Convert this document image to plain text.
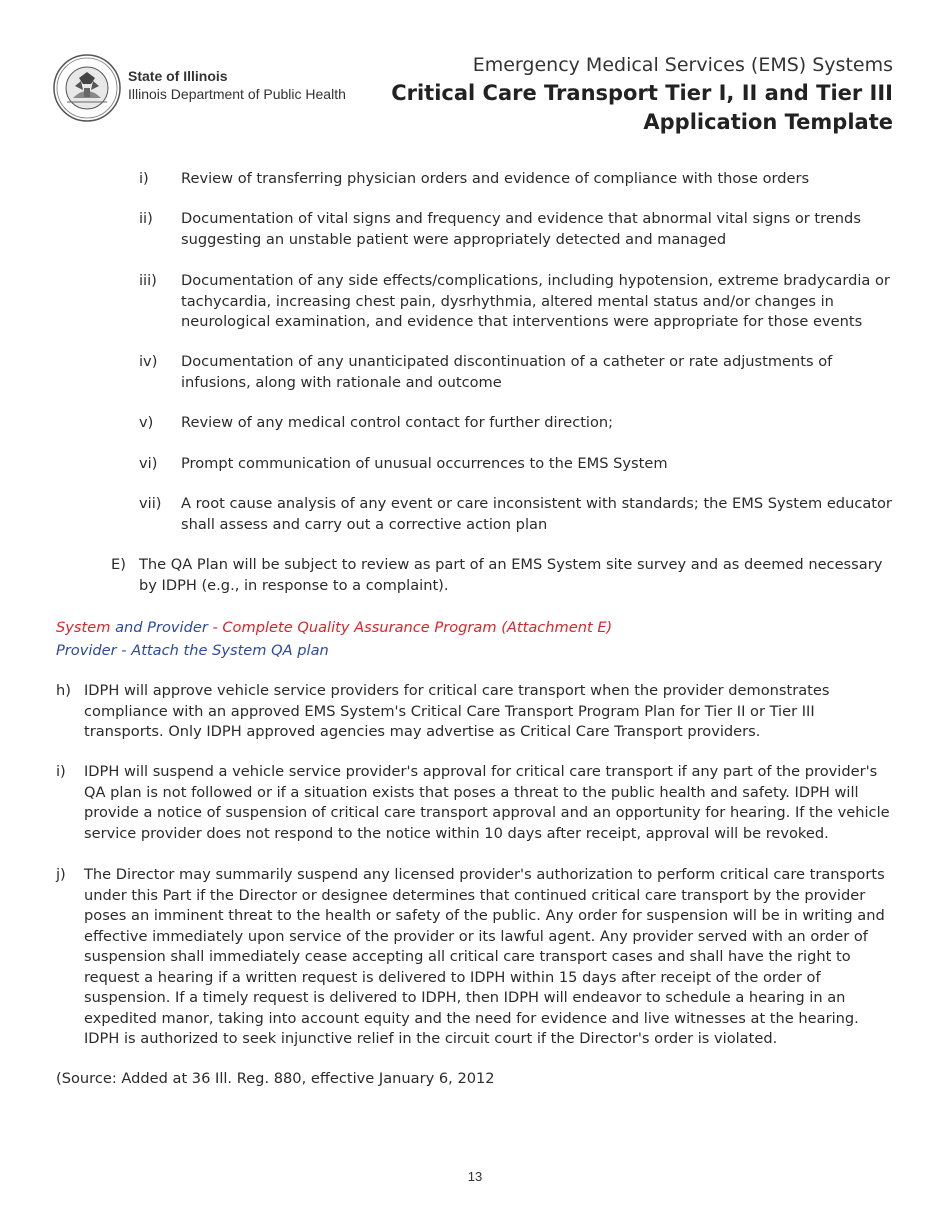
State of Illinois
Illinois Department of Public Health
Emergency Medical Services (EMS) Systems
Critical Care Transport Tier I, II and Tier III
Application Template
i) Review of transferring physician orders and evidence of compliance with those orders
ii) Documentation of vital signs and frequency and evidence that abnormal vital signs or trends suggesting an unstable patient were appropriately detected and managed
iii) Documentation of any side effects/complications, including hypotension, extreme bradycardia or tachycardia, increasing chest pain, dysrhythmia, altered mental status and/or changes in neurological examination, and evidence that interventions were appropriate for those events
iv) Documentation of any unanticipated discontinuation of a catheter or rate adjustments of infusions, along with rationale and outcome
v) Review of any medical control contact for further direction;
vi) Prompt communication of unusual occurrences to the EMS System
vii) A root cause analysis of any event or care inconsistent with standards; the EMS System educator shall assess and carry out a corrective action plan
E) The QA Plan will be subject to review as part of an EMS System site survey and as deemed necessary by IDPH (e.g., in response to a complaint).
System and Provider - Complete Quality Assurance Program (Attachment E)
Provider - Attach the System QA plan
h) IDPH will approve vehicle service providers for critical care transport when the provider demonstrates compliance with an approved EMS System's Critical Care Transport Program Plan for Tier II or Tier III transports. Only IDPH approved agencies may advertise as Critical Care Transport providers.
i) IDPH will suspend a vehicle service provider's approval for critical care transport if any part of the provider's QA plan is not followed or if a situation exists that poses a threat to the public health and safety. IDPH will provide a notice of suspension of critical care transport approval and an opportunity for hearing. If the vehicle service provider does not respond to the notice within 10 days after receipt, approval will be revoked.
j) The Director may summarily suspend any licensed provider's authorization to perform critical care transports under this Part if the Director or designee determines that continued critical care transport by the provider poses an imminent threat to the health or safety of the public. Any order for suspension will be in writing and effective immediately upon service of the provider or its lawful agent. Any provider served with an order of suspension shall immediately cease accepting all critical care transport cases and shall have the right to request a hearing if a written request is delivered to IDPH within 15 days after receipt of the order of suspension. If a timely request is delivered to IDPH, then IDPH will endeavor to schedule a hearing in an expedited manor, taking into account equity and the need for evidence and live witnesses at the hearing. IDPH is authorized to seek injunctive relief in the circuit court if the Director's order is violated.
(Source: Added at 36 Ill. Reg. 880, effective January 6, 2012
13
